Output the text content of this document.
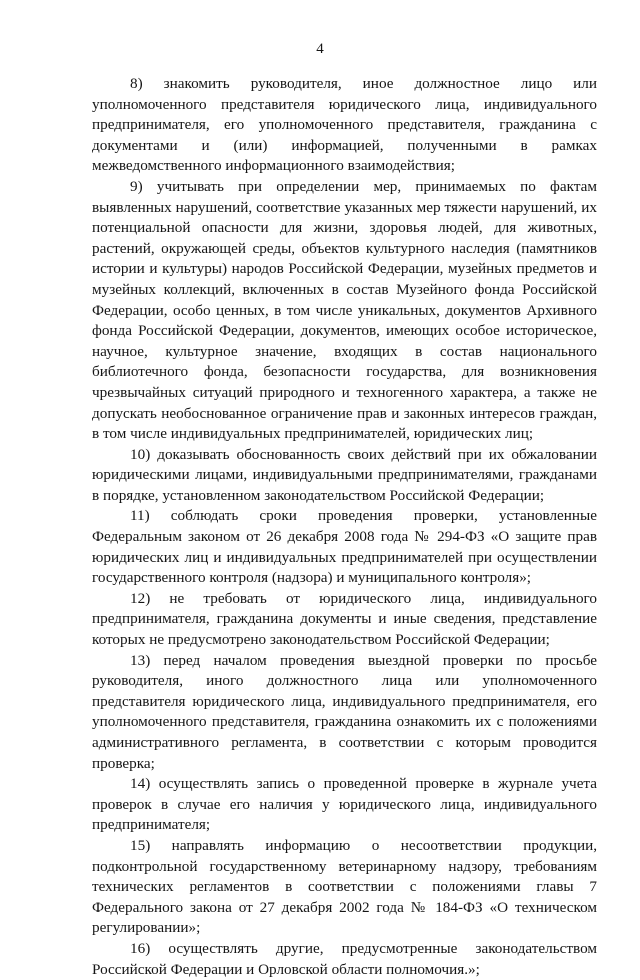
4

8) знакомить руководителя, иное должностное лицо или уполномоченного представителя юридического лица, индивидуального предпринимателя, его уполномоченного представителя, гражданина с документами и (или) информацией, полученными в рамках межведомственного информационного взаимодействия;

9) учитывать при определении мер, принимаемых по фактам выявленных нарушений, соответствие указанных мер тяжести нарушений, их потенциальной опасности для жизни, здоровья людей, для животных, растений, окружающей среды, объектов культурного наследия (памятников истории и культуры) народов Российской Федерации, музейных предметов и музейных коллекций, включенных в состав Музейного фонда Российской Федерации, особо ценных, в том числе уникальных, документов Архивного фонда Российской Федерации, документов, имеющих особое историческое, научное, культурное значение, входящих в состав национального библиотечного фонда, безопасности государства, для возникновения чрезвычайных ситуаций природного и техногенного характера, а также не допускать необоснованное ограничение прав и законных интересов граждан, в том числе индивидуальных предпринимателей, юридических лиц;

10) доказывать обоснованность своих действий при их обжаловании юридическими лицами, индивидуальными предпринимателями, гражданами в порядке, установленном законодательством Российской Федерации;

11) соблюдать сроки проведения проверки, установленные Федеральным законом от 26 декабря 2008 года № 294-ФЗ «О защите прав юридических лиц и индивидуальных предпринимателей при осуществлении государственного контроля (надзора) и муниципального контроля»;

12) не требовать от юридического лица, индивидуального предпринимателя, гражданина документы и иные сведения, представление которых не предусмотрено законодательством Российской Федерации;

13) перед началом проведения выездной проверки по просьбе руководителя, иного должностного лица или уполномоченного представителя юридического лица, индивидуального предпринимателя, его уполномоченного представителя, гражданина ознакомить их с положениями административного регламента, в соответствии с которым проводится проверка;

14) осуществлять запись о проведенной проверке в журнале учета проверок в случае его наличия у юридического лица, индивидуального предпринимателя;

15) направлять информацию о несоответствии продукции, подконтрольной государственному ветеринарному надзору, требованиям технических регламентов в соответствии с положениями главы 7 Федерального закона от 27 декабря 2002 года № 184-ФЗ «О техническом регулировании»;

16) осуществлять другие, предусмотренные законодательством Российской Федерации и Орловской области полномочия.»;
